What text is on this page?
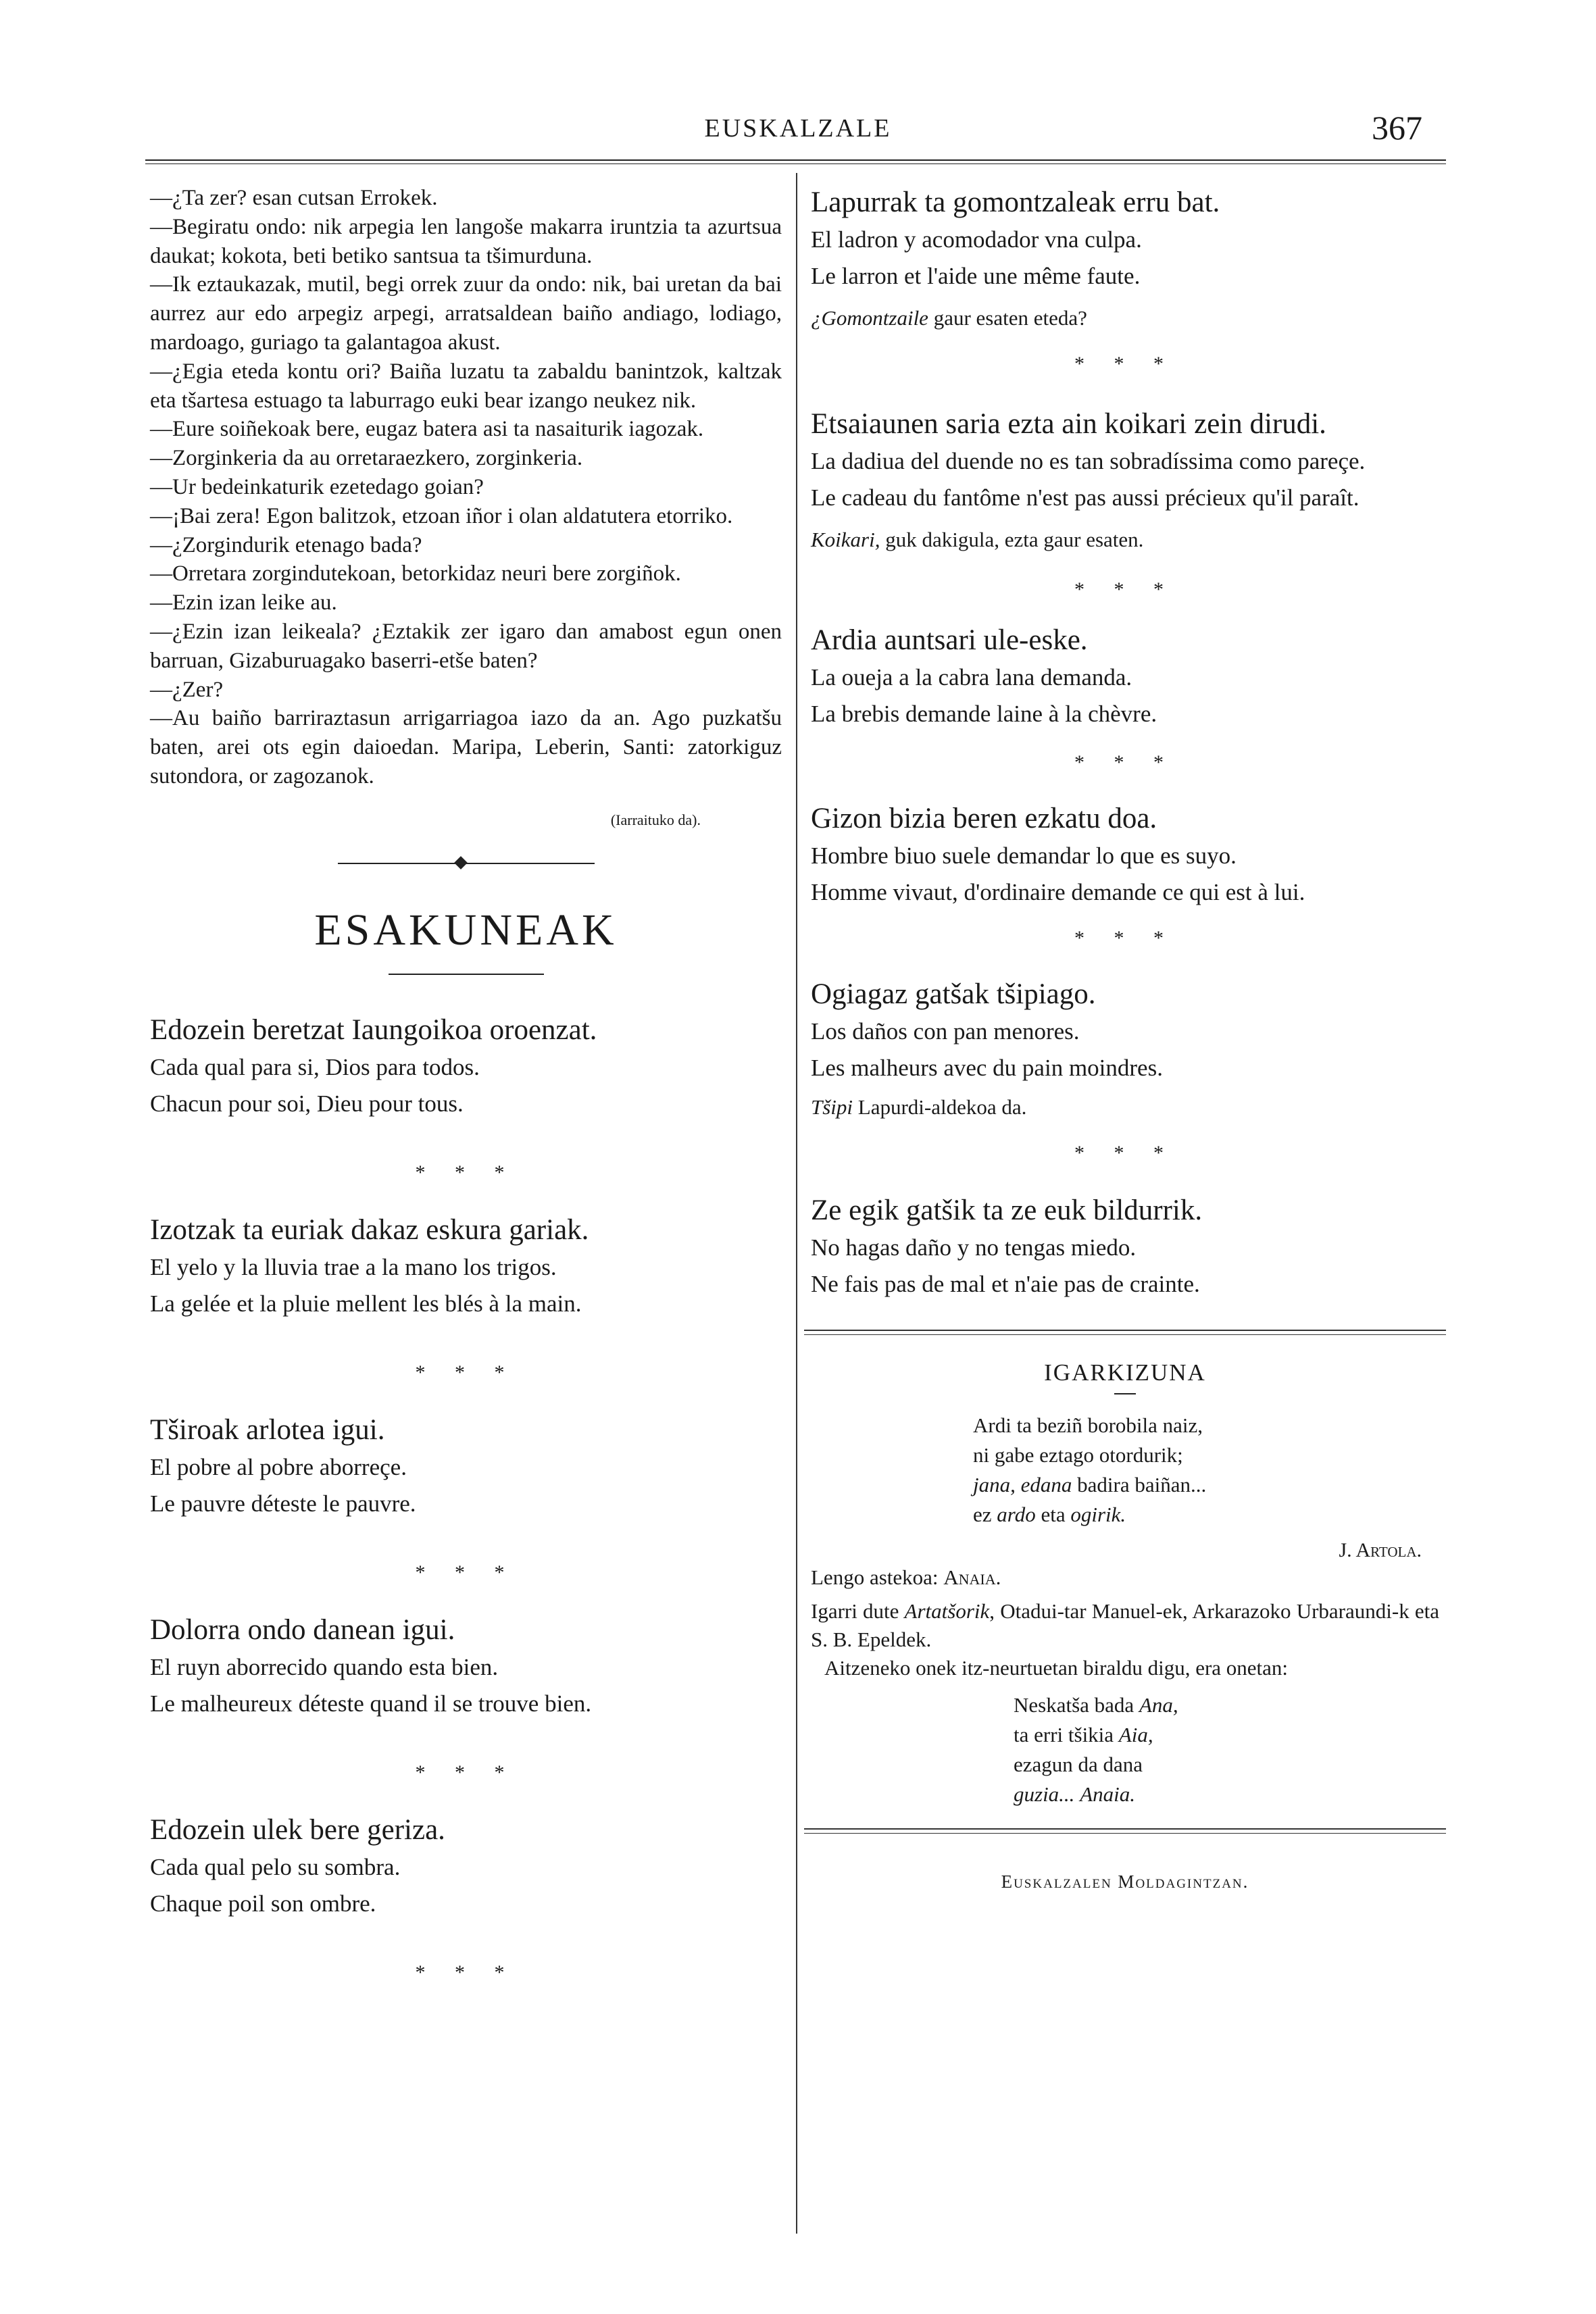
EUSKALZALE	367

—¿Ta zer? esan cutsan Errokek.

—Begiratu ondo: nik arpegia len langoše makarra iruntzia ta azurtsua daukat; kokota, beti betiko santsua ta tšimurduna.

—Ik eztaukazak, mutil, begi orrek zuur da ondo: nik, bai uretan da bai aurrez aur edo arpegiz arpegi, arratsaldean baiño andiago, lodiago, mardoago, guriago ta galantagoa akust.

—¿Egia eteda kontu ori? Baiña luzatu ta zabaldu banintzok, kaltzak eta tšartesa estuago ta laburrago euki bear izango neukez nik.

—Eure soiñekoak bere, eugaz batera asi ta nasaiturik iagozak.

—Zorginkeria da au orretaraezkero, zorginkeria.

—Ur bedeinkaturik ezetedago goian?

—¡Bai zera! Egon balitzok, etzoan iñor i olan aldatutera etorriko.

—¿Zorgindurik etenago bada?

—Orretara zorgindutekoan, betorkidaz neuri bere zorgiñok.

—Ezin izan leike au.

—¿Ezin izan leikeala? ¿Eztakik zer igaro dan amabost egun onen barruan, Gizaburuagako baserri-etše baten?

—¿Zer?

—Au baiño barriraztasun arrigarriagoa iazo da an. Ago puzkatšu baten, arei ots egin daioedan. Maripa, Leberin, Santi: zatorkiguz sutondora, or zagozanok.

(Iarraituko da).
ESAKUNEAK

Edozein beretzat Iaungoikoa oroenzat.

Cada qual para si, Dios para todos.

Chacun pour soi, Dieu pour tous.

* * *

Izotzak ta euriak dakaz eskura gariak.

El yelo y la lluvia trae a la mano los trigos.

La gelée et la pluie mellent les blés à la main.

* * *

Tširoak arlotea igui.

El pobre al pobre aborreçe.

Le pauvre déteste le pauvre.

* * *

Dolorra ondo danean igui.

El ruyn aborrecido quando esta bien.

Le malheureux déteste quand il se trouve bien.

* * *

Edozein ulek bere geriza.

Cada qual pelo su sombra.

Chaque poil son ombre.

* * *

Lapurrak ta gomontzaleak erru bat.

El ladron y acomodador vna culpa.

Le larron et l'aide une même faute.

¿Gomontzaile gaur esaten eteda?

* * *

Etsaiaunen saria ezta ain koikari zein dirudi.

La dadiua del duende no es tan sobradíssima como pareçe.

Le cadeau du fantôme n'est pas aussi précieux qu'il paraît.

Koikari, guk dakigula, ezta gaur esaten.

* * *

Ardia auntsari ule-eske.

La oueja a la cabra lana demanda.

La brebis demande laine à la chèvre.

* * *

Gizon bizia beren ezkatu doa.

Hombre biuo suele demandar lo que es suyo.

Homme vivaut, d'ordinaire demande ce qui est à lui.

* * *

Ogiagaz gatšak tšipiago.

Los daños con pan menores.

Les malheurs avec du pain moindres.

Tšipi Lapurdi-aldekoa da.

* * *

Ze egik gatšik ta ze euk bildurrik.

No hagas daño y no tengas miedo.

Ne fais pas de mal et n'aie pas de crainte.

IGARKIZUNA

Ardi ta beziñ borobila naiz,

ni gabe eztago otordurik;

jana, edana badira baiñan...

ez ardo eta ogirik.

J. Artola.

Lengo astekoa: Anaia.

Igarri dute Artatšorik, Otadui-tar Manuel-ek, Arkarazoko Urbaraundi-k eta S. B. Epeldek.

Aitzeneko onek itz-neurtuetan biraldu digu, era onetan:

Neskatša bada Ana,

ta erri tšikia Aia,

ezagun da dana

guzia... Anaia.

Euskalzalen Moldagintzan.
